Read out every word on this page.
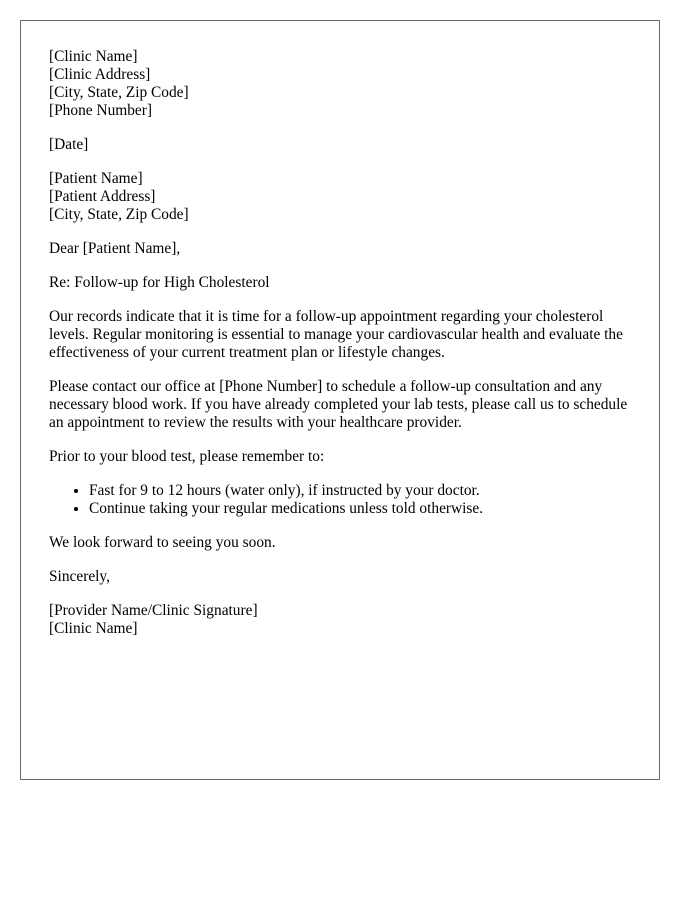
[Clinic Name]
[Clinic Address]
[City, State, Zip Code]
[Phone Number]
[Date]
[Patient Name]
[Patient Address]
[City, State, Zip Code]

Dear [Patient Name],

Re: Follow-up for High Cholesterol

Our records indicate that it is time for a follow-up appointment regarding your cholesterol levels. Regular monitoring is essential to manage your cardiovascular health and evaluate the effectiveness of your current treatment plan or lifestyle changes.

Please contact our office at [Phone Number] to schedule a follow-up consultation and any necessary blood work. If you have already completed your lab tests, please call us to schedule an appointment to review the results with your healthcare provider.

Prior to your blood test, please remember to:

• Fast for 9 to 12 hours (water only), if instructed by your doctor.
• Continue taking your regular medications unless told otherwise.

We look forward to seeing you soon.

Sincerely,

[Provider Name/Clinic Signature]
[Clinic Name]
